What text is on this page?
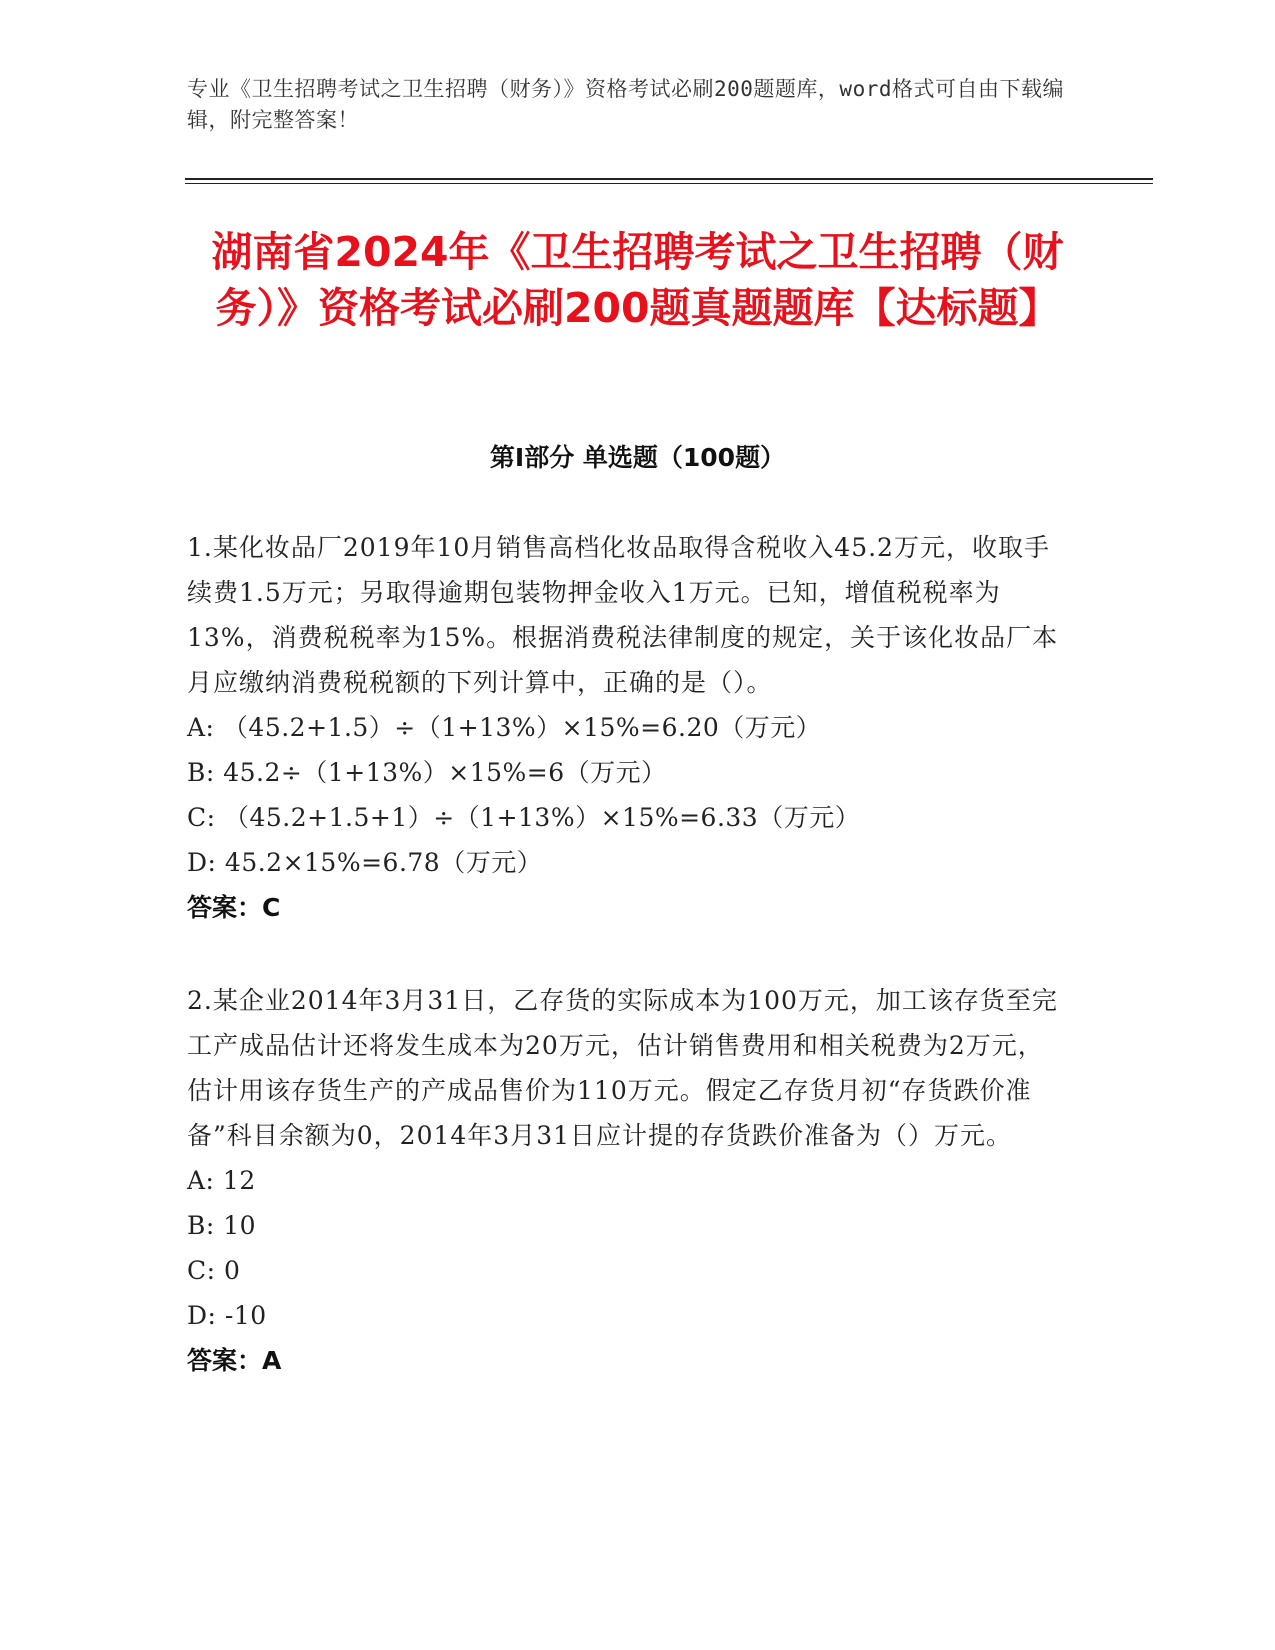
专业《卫生招聘考试之卫生招聘（财务）》资格考试必刷200题题库，word格式可自由下载编辑，附完整答案！
湖南省2024年《卫生招聘考试之卫生招聘（财务）》资格考试必刷200题真题题库【达标题】
第I部分 单选题（100题）

1.某化妆品厂2019年10月销售高档化妆品取得含税收入45.2万元，收取手续费1.5万元；另取得逾期包装物押金收入1万元。已知，增值税税率为13%，消费税税率为15%。根据消费税法律制度的规定，关于该化妆品厂本月应缴纳消费税税额的下列计算中，正确的是（）。

A: （45.2+1.5）÷（1+13%）×15%=6.20（万元）

B: 45.2÷（1+13%）×15%=6（万元）

C: （45.2+1.5+1）÷（1+13%）×15%=6.33（万元）

D: 45.2×15%=6.78（万元）

答案：C

2.某企业2014年3月31日，乙存货的实际成本为100万元，加工该存货至完工产成品估计还将发生成本为20万元，估计销售费用和相关税费为2万元，估计用该存货生产的产成品售价为110万元。假定乙存货月初“存货跌价准备”科目余额为0，2014年3月31日应计提的存货跌价准备为（）万元。

A: 12

B: 10

C: 0

D: -10

答案：A
